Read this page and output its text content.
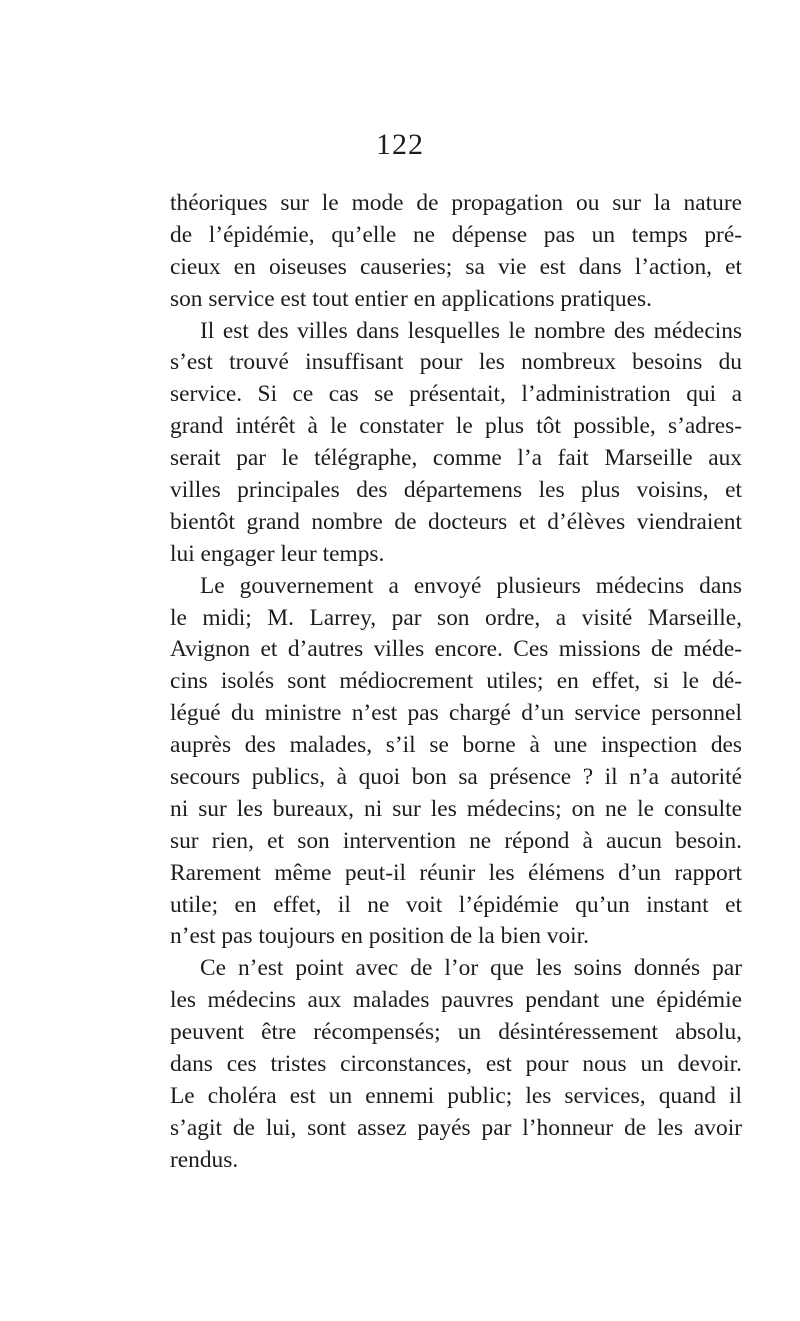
122
théoriques sur le mode de propagation ou sur la nature
de l’épidémie, qu’elle ne dépense pas un temps pré-
cieux en oiseuses causeries; sa vie est dans l’action, et
son service est tout entier en applications pratiques.
Il est des villes dans lesquelles le nombre des médecins
s’est trouvé insuffisant pour les nombreux besoins du
service. Si ce cas se présentait, l’administration qui a
grand intérêt à le constater le plus tôt possible, s’adres-
serait par le télégraphe, comme l’a fait Marseille aux
villes principales des départemens les plus voisins, et
bientôt grand nombre de docteurs et d’élèves viendraient
lui engager leur temps.
Le gouvernement a envoyé plusieurs médecins dans
le midi; M. Larrey, par son ordre, a visité Marseille,
Avignon et d’autres villes encore. Ces missions de méde-
cins isolés sont médiocrement utiles; en effet, si le dé-
légué du ministre n’est pas chargé d’un service personnel
auprès des malades, s’il se borne à une inspection des
secours publics, à quoi bon sa présence ? il n’a autorité
ni sur les bureaux, ni sur les médecins; on ne le consulte
sur rien, et son intervention ne répond à aucun besoin.
Rarement même peut-il réunir les élémens d’un rapport
utile; en effet, il ne voit l’épidémie qu’un instant et
n’est pas toujours en position de la bien voir.
Ce n’est point avec de l’or que les soins donnés par
les médecins aux malades pauvres pendant une épidémie
peuvent être récompensés; un désintéressement absolu,
dans ces tristes circonstances, est pour nous un devoir.
Le choléra est un ennemi public; les services, quand il
s’agit de lui, sont assez payés par l’honneur de les avoir
rendus.
